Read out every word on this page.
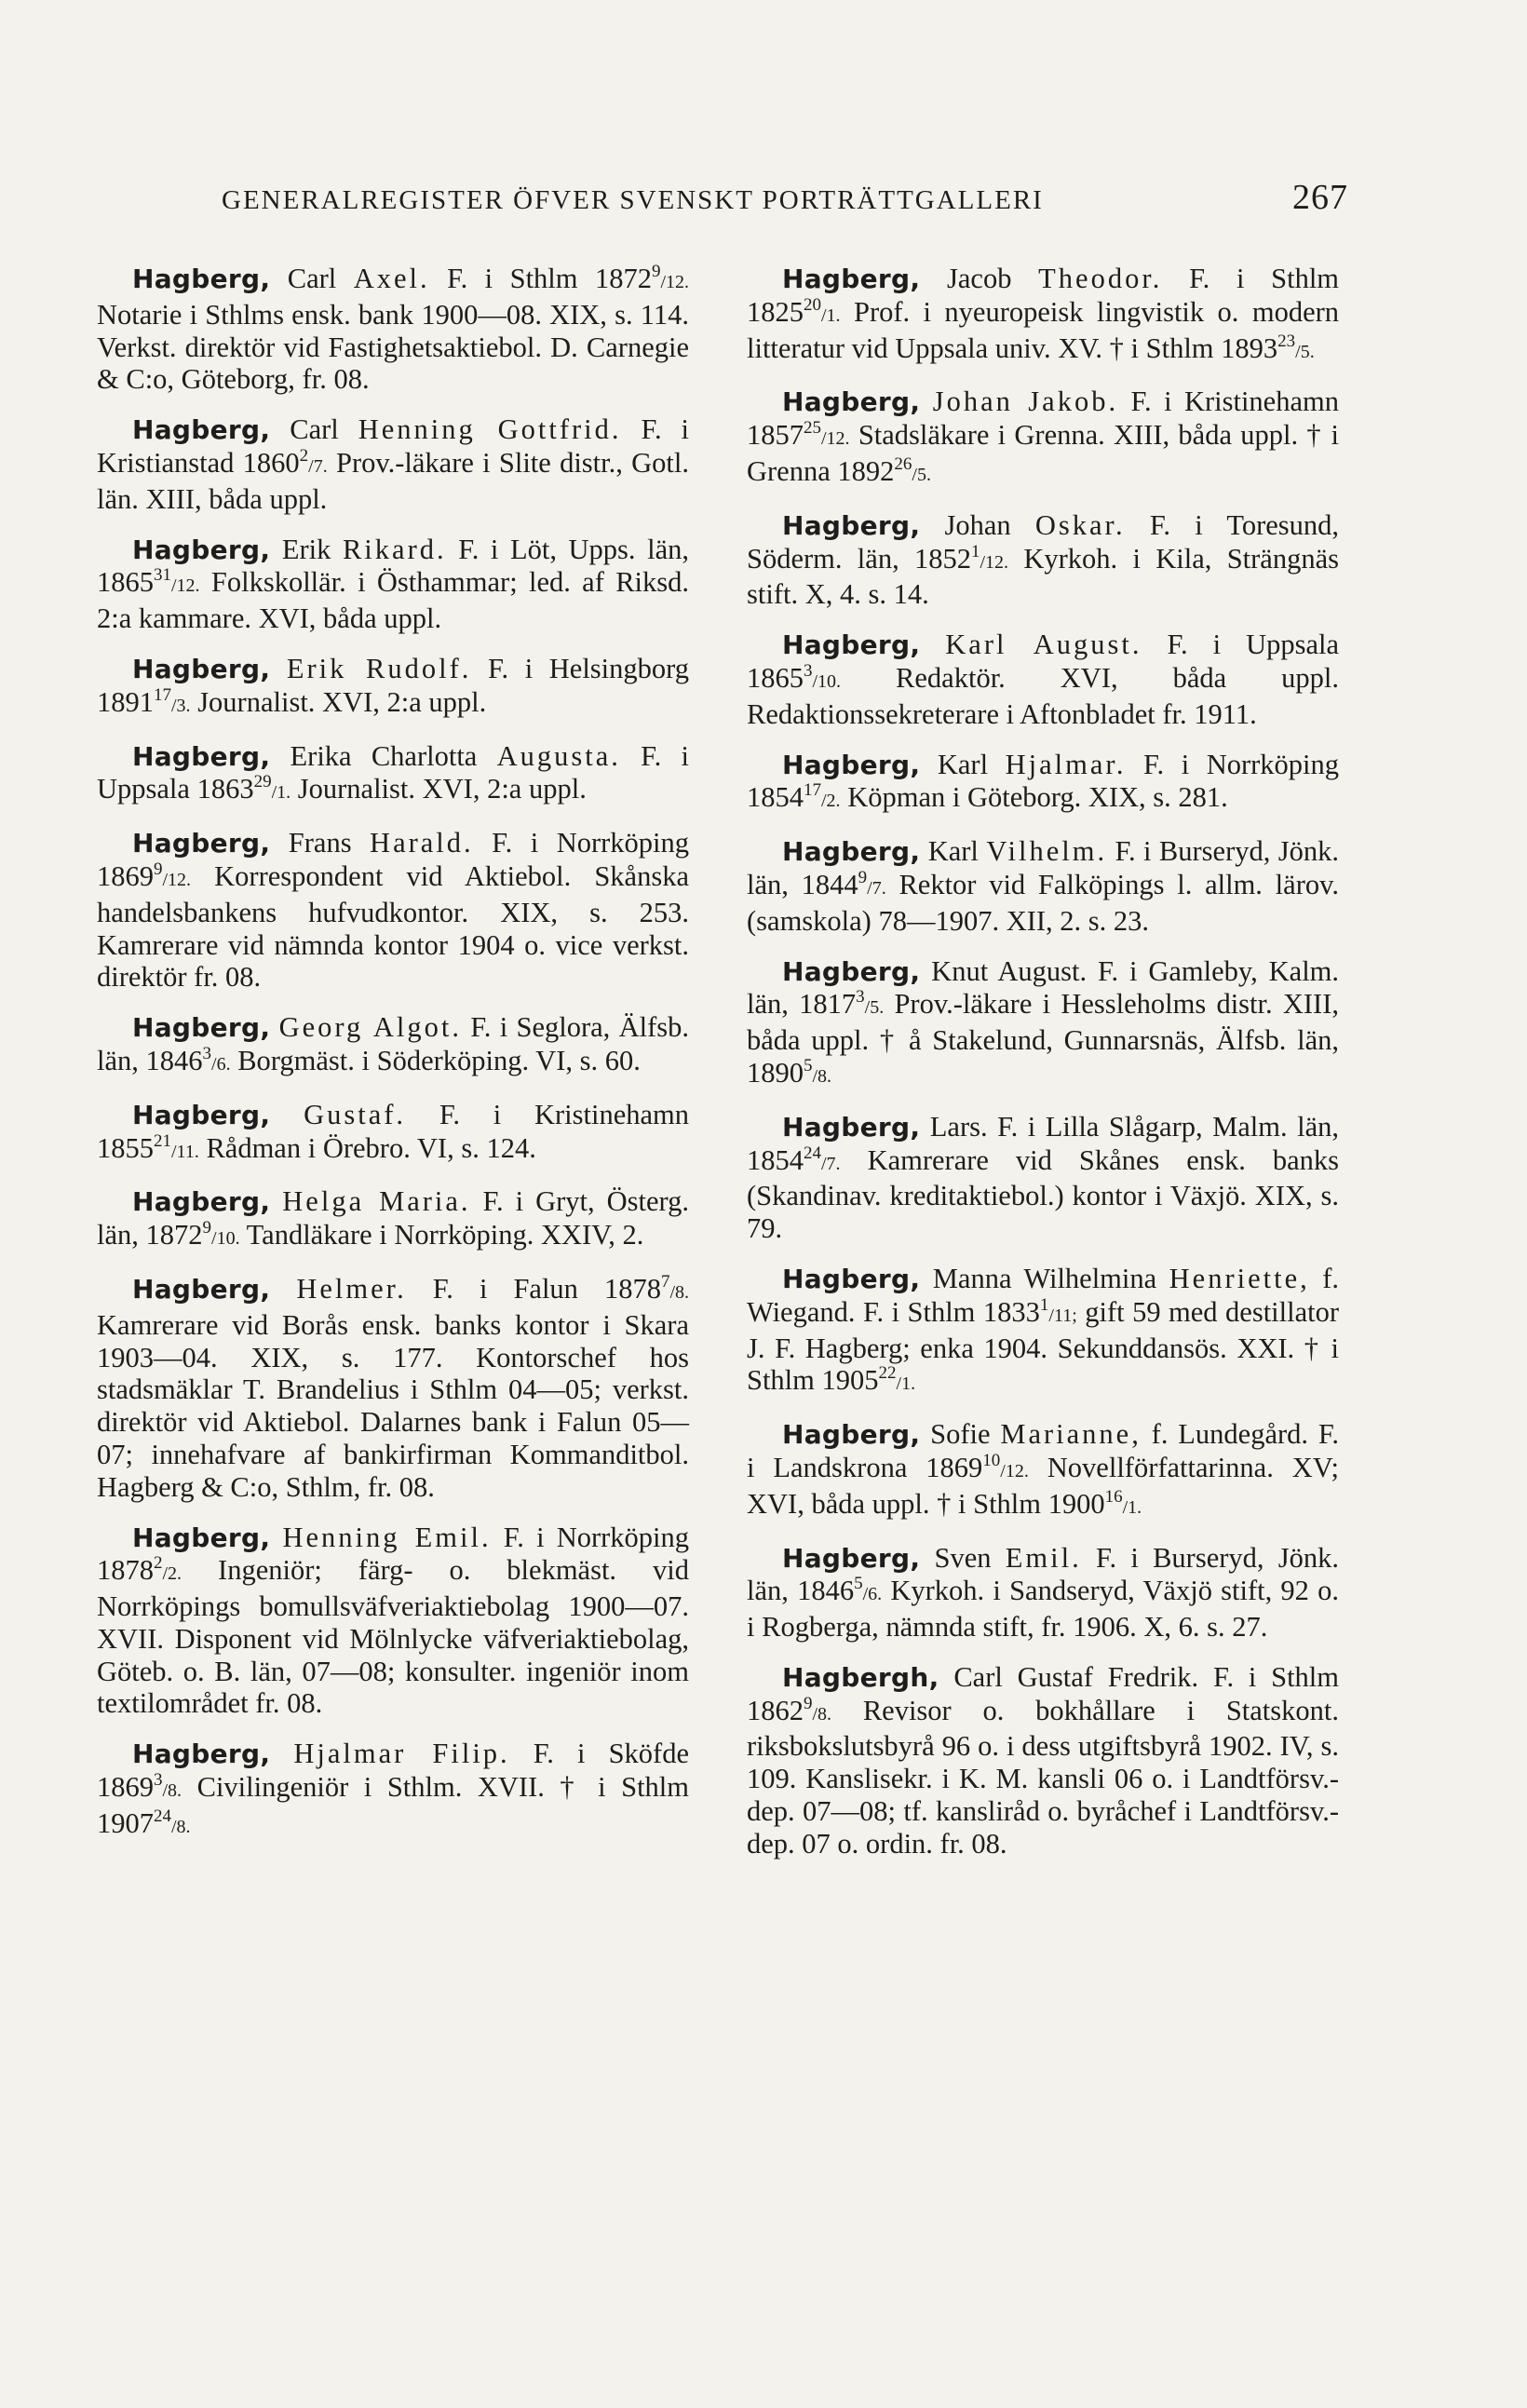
GENERALREGISTER ÖFVER SVENSKT PORTRÄTTGALLERI	267

Hagberg, Carl Axel. F. i Sthlm 1872$^9$/12. Notarie i Sthlms ensk. bank 1900—08. XIX, s. 114. Verkst. direktör vid Fastighetsaktiebol. D. Carnegie & C:o, Göteborg, fr. 08.

Hagberg, Carl Henning Gottfrid. F. i Kristianstad 1860$^2$/7. Prov.-läkare i Slite distr., Gotl. län. XIII, båda uppl.

Hagberg, Erik Rikard. F. i Löt, Upps. län, 1865$^{31}$/12. Folkskollär. i Östhammar; led. af Riksd. 2:a kammare. XVI, båda uppl.

Hagberg, Erik Rudolf. F. i Helsingborg 1891$^{17}$/3. Journalist. XVI, 2:a uppl.

Hagberg, Erika Charlotta Augusta. F. i Uppsala 1863$^{29}$/1. Journalist. XVI, 2:a uppl.

Hagberg, Frans Harald. F. i Norrköping 1869$^9$/12. Korrespondent vid Aktiebol. Skånska handelsbankens hufvudkontor. XIX, s. 253. Kamrerare vid nämnda kontor 1904 o. vice verkst. direktör fr. 08.

Hagberg, Georg Algot. F. i Seglora, Älfsb. län, 1846$^3$/6. Borgmäst. i Söderköping. VI, s. 60.

Hagberg, Gustaf. F. i Kristinehamn 1855$^{21}$/11. Rådman i Örebro. VI, s. 124.

Hagberg, Helga Maria. F. i Gryt, Österg. län, 1872$^9$/10. Tandläkare i Norrköping. XXIV, 2.

Hagberg, Helmer. F. i Falun 1878$^7$/8. Kamrerare vid Borås ensk. banks kontor i Skara 1903—04. XIX, s. 177. Kontorschef hos stadsmäklar T. Brandelius i Sthlm 04—05; verkst. direktör vid Aktiebol. Dalarnes bank i Falun 05—07; innehafvare af bankirfirman Kommanditbol. Hagberg & C:o, Sthlm, fr. 08.

Hagberg, Henning Emil. F. i Norrköping 1878$^2$/2. Ingeniör; färg- o. blekmäst. vid Norrköpings bomullsväfveriaktiebolag 1900—07. XVII. Disponent vid Mölnlycke väfveriaktiebolag, Göteb. o. B. län, 07—08; konsulter. ingeniör inom textilområdet fr. 08.

Hagberg, Hjalmar Filip. F. i Sköfde 1869$^3$/8. Civilingeniör i Sthlm. XVII. † i Sthlm 1907$^{24}$/8.

Hagberg, Jacob Theodor. F. i Sthlm 1825$^{20}$/1. Prof. i nyeuropeisk lingvistik o. modern litteratur vid Uppsala univ. XV. † i Sthlm 1893$^{23}$/5.

Hagberg, Johan Jakob. F. i Kristinehamn 1857$^{25}$/12. Stadsläkare i Grenna. XIII, båda uppl. † i Grenna 1892$^{26}$/5.

Hagberg, Johan Oskar. F. i Toresund, Söderm. län, 1852$^1$/12. Kyrkoh. i Kila, Strängnäs stift. X, 4. s. 14.

Hagberg, Karl August. F. i Uppsala 1865$^3$/10. Redaktör. XVI, båda uppl. Redaktionssekreterare i Aftonbladet fr. 1911.

Hagberg, Karl Hjalmar. F. i Norrköping 1854$^{17}$/2. Köpman i Göteborg. XIX, s. 281.

Hagberg, Karl Vilhelm. F. i Burseryd, Jönk. län, 1844$^9$/7. Rektor vid Falköpings l. allm. lärov. (samskola) 78—1907. XII, 2. s. 23.

Hagberg, Knut August. F. i Gamleby, Kalm. län, 1817$^3$/5. Prov.-läkare i Hessleholms distr. XIII, båda uppl. † å Stakelund, Gunnarsnäs, Älfsb. län, 1890$^5$/8.

Hagberg, Lars. F. i Lilla Slågarp, Malm. län, 1854$^{24}$/7. Kamrerare vid Skånes ensk. banks (Skandinav. kreditaktiebol.) kontor i Växjö. XIX, s. 79.

Hagberg, Manna Wilhelmina Henriette, f. Wiegand. F. i Sthlm 1833$^1$/11; gift 59 med destillator J. F. Hagberg; enka 1904. Sekunddansös. XXI. † i Sthlm 1905$^{22}$/1.

Hagberg, Sofie Marianne, f. Lundegård. F. i Landskrona 1869$^{10}$/12. Novellförfattarinna. XV; XVI, båda uppl. † i Sthlm 1900$^{16}$/1.

Hagberg, Sven Emil. F. i Burseryd, Jönk. län, 1846$^5$/6. Kyrkoh. i Sandseryd, Växjö stift, 92 o. i Rogberga, nämnda stift, fr. 1906. X, 6. s. 27.

Hagbergh, Carl Gustaf Fredrik. F. i Sthlm 1862$^9$/8. Revisor o. bokhållare i Statskont. riksbokslutsbyrå 96 o. i dess utgiftsbyrå 1902. IV, s. 109. Kanslisekr. i K. M. kansli 06 o. i Landtförsv.-dep. 07—08; tf. kansliråd o. byråchef i Landtförsv.-dep. 07 o. ordin. fr. 08.
